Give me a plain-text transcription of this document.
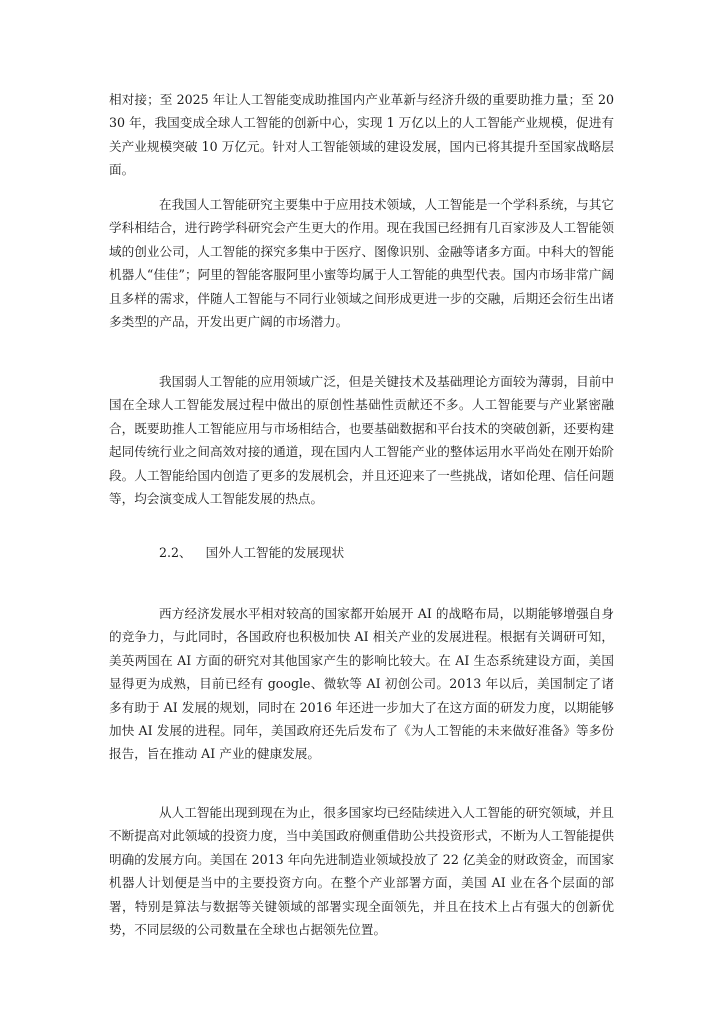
相对接；至 2025 年让人工智能变成助推国内产业革新与经济升级的重要助推力量；至 2030 年，我国变成全球人工智能的创新中心，实现 1 万亿以上的人工智能产业规模，促进有关产业规模突破 10 万亿元。针对人工智能领域的建设发展，国内已将其提升至国家战略层面。

在我国人工智能研究主要集中于应用技术领域，人工智能是一个学科系统，与其它学科相结合，进行跨学科研究会产生更大的作用。现在我国已经拥有几百家涉及人工智能领域的创业公司，人工智能的探究多集中于医疗、图像识别、金融等诸多方面。中科大的智能机器人“佳佳”；阿里的智能客服阿里小蜜等均属于人工智能的典型代表。国内市场非常广阔且多样的需求，伴随人工智能与不同行业领域之间形成更进一步的交融，后期还会衍生出诸多类型的产品，开发出更广阔的市场潜力。

我国弱人工智能的应用领域广泛，但是关键技术及基础理论方面较为薄弱，目前中国在全球人工智能发展过程中做出的原创性基础性贡献还不多。人工智能要与产业紧密融合，既要助推人工智能应用与市场相结合，也要基础数据和平台技术的突破创新，还要构建起同传统行业之间高效对接的通道，现在国内人工智能产业的整体运用水平尚处在刚开始阶段。人工智能给国内创造了更多的发展机会，并且还迎来了一些挑战，诸如伦理、信任问题等，均会演变成人工智能发展的热点。

2.2、 国外人工智能的发展现状

西方经济发展水平相对较高的国家都开始展开 AI 的战略布局，以期能够增强自身的竞争力，与此同时，各国政府也积极加快 AI 相关产业的发展进程。根据有关调研可知，美英两国在 AI 方面的研究对其他国家产生的影响比较大。在 AI 生态系统建设方面，美国显得更为成熟，目前已经有 google、微软等 AI 初创公司。2013 年以后，美国制定了诸多有助于 AI 发展的规划，同时在 2016 年还进一步加大了在这方面的研发力度，以期能够加快 AI 发展的进程。同年，美国政府还先后发布了《为人工智能的未来做好准备》等多份报告，旨在推动 AI 产业的健康发展。

从人工智能出现到现在为止，很多国家均已经陆续进入人工智能的研究领域，并且不断提高对此领域的投资力度，当中美国政府侧重借助公共投资形式，不断为人工智能提供明确的发展方向。美国在 2013 年向先进制造业领域投放了 22 亿美金的财政资金，而国家机器人计划便是当中的主要投资方向。在整个产业部署方面，美国 AI 业在各个层面的部署，特别是算法与数据等关键领域的部署实现全面领先，并且在技术上占有强大的创新优势，不同层级的公司数量在全球也占据领先位置。
